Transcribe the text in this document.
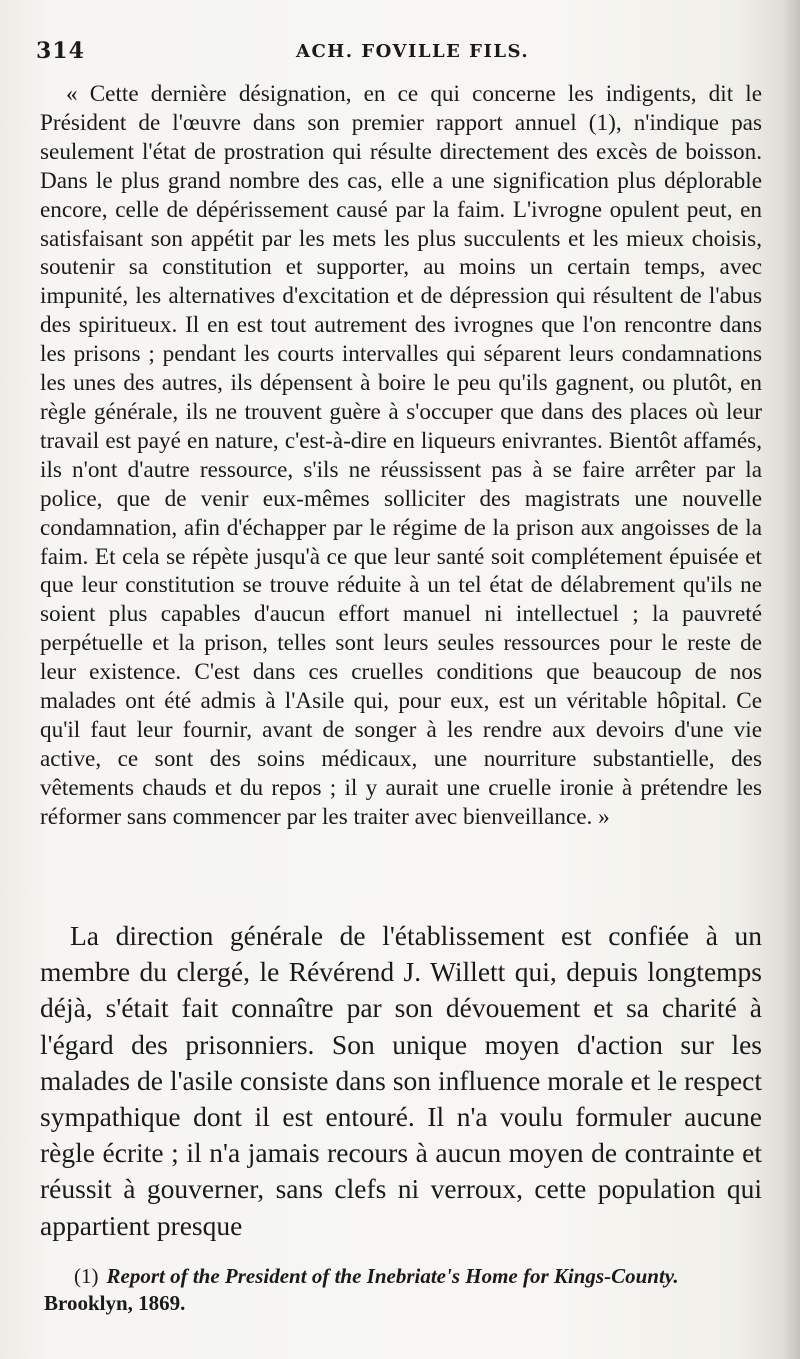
314	ACH. FOVILLE FILS.

« Cette dernière désignation, en ce qui concerne les indigents, dit le Président de l'œuvre dans son premier rapport annuel (1), n'indique pas seulement l'état de prostration qui résulte directement des excès de boisson. Dans le plus grand nombre des cas, elle a une signification plus déplorable encore, celle de dépérissement causé par la faim. L'ivrogne opulent peut, en satisfaisant son appétit par les mets les plus succulents et les mieux choisis, soutenir sa constitution et supporter, au moins un certain temps, avec impunité, les alternatives d'excitation et de dépression qui résultent de l'abus des spiritueux. Il en est tout autrement des ivrognes que l'on rencontre dans les prisons ; pendant les courts intervalles qui séparent leurs condamnations les unes des autres, ils dépensent à boire le peu qu'ils gagnent, ou plutôt, en règle générale, ils ne trouvent guère à s'occuper que dans des places où leur travail est payé en nature, c'est-à-dire en liqueurs enivrantes. Bientôt affamés, ils n'ont d'autre ressource, s'ils ne réussissent pas à se faire arrêter par la police, que de venir eux-mêmes solliciter des magistrats une nouvelle condamnation, afin d'échapper par le régime de la prison aux angoisses de la faim. Et cela se répète jusqu'à ce que leur santé soit complétement épuisée et que leur constitution se trouve réduite à un tel état de délabrement qu'ils ne soient plus capables d'aucun effort manuel ni intellectuel ; la pauvreté perpétuelle et la prison, telles sont leurs seules ressources pour le reste de leur existence. C'est dans ces cruelles conditions que beaucoup de nos malades ont été admis à l'Asile qui, pour eux, est un véritable hôpital. Ce qu'il faut leur fournir, avant de songer à les rendre aux devoirs d'une vie active, ce sont des soins médicaux, une nourriture substantielle, des vêtements chauds et du repos ; il y aurait une cruelle ironie à prétendre les réformer sans commencer par les traiter avec bienveillance. »

La direction générale de l'établissement est confiée à un membre du clergé, le Révérend J. Willett qui, depuis longtemps déjà, s'était fait connaître par son dévouement et sa charité à l'égard des prisonniers. Son unique moyen d'action sur les malades de l'asile consiste dans son influence morale et le respect sympathique dont il est entouré. Il n'a voulu formuler aucune règle écrite ; il n'a jamais recours à aucun moyen de contrainte et réussit à gouverner, sans clefs ni verroux, cette population qui appartient presque

(1) Report of the President of the Inebriate's Home for Kings-County.
Brooklyn, 1869.
